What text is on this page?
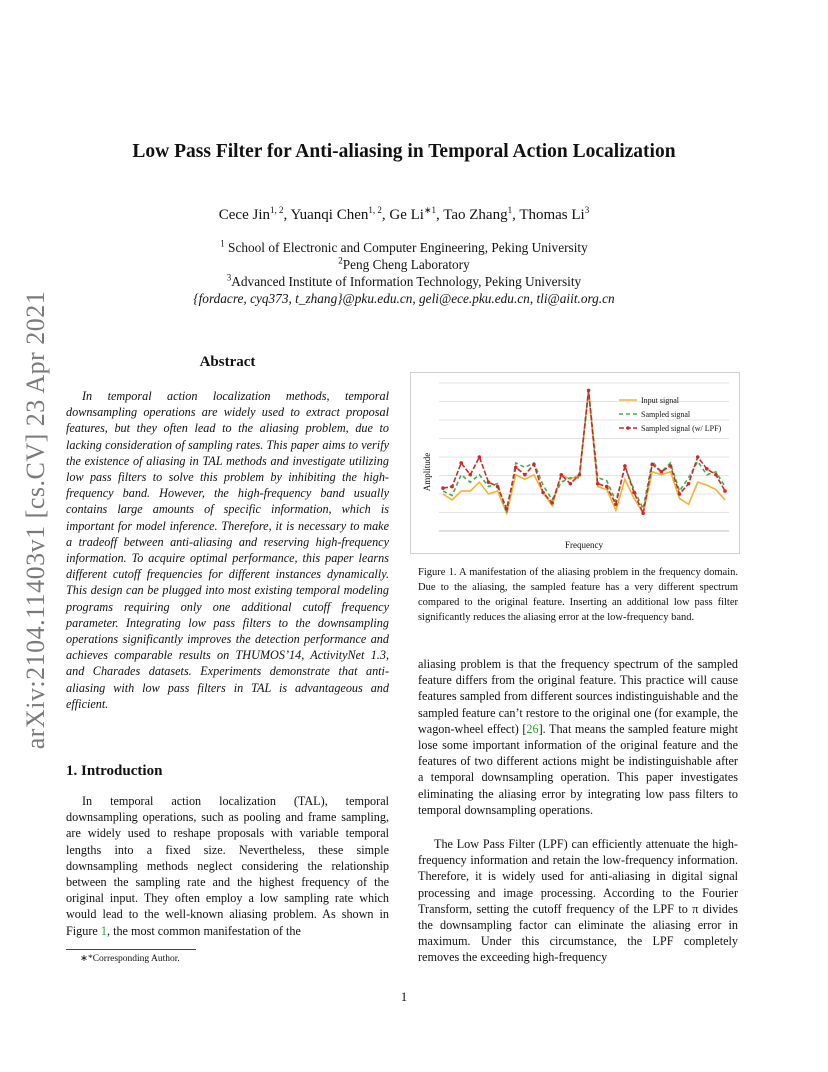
arXiv:2104.11403v1 [cs.CV] 23 Apr 2021
Low Pass Filter for Anti-aliasing in Temporal Action Localization
Cece Jin$^{1, 2}$, Yuanqi Chen$^{1, 2}$, Ge $Li^{∗1}$, Tao Zhang$^1$, Thomas Li$^3$
$^1$ School of Electronic and Computer Engineering, Peking University
$^2$Peng Cheng Laboratory
$^3$Advanced Institute of Information Technology, Peking University
{fordacre, cyq373, t_zhang}@pku.edu.cn, geli@ece.pku.edu.cn, tli@aiit.org.cn
Abstract
In temporal action localization methods, temporal downsampling operations are widely used to extract proposal features, but they often lead to the aliasing problem, due to lacking consideration of sampling rates. This paper aims to verify the existence of aliasing in TAL methods and investigate utilizing low pass filters to solve this problem by inhibiting the high-frequency band. However, the high-frequency band usually contains large amounts of specific information, which is important for model inference. Therefore, it is necessary to make a tradeoff between anti-aliasing and reserving high-frequency information. To acquire optimal performance, this paper learns different cutoff frequencies for different instances dynamically. This design can be plugged into most existing temporal modeling programs requiring only one additional cutoff frequency parameter. Integrating low pass filters to the downsampling operations significantly improves the detection performance and achieves comparable results on THUMOS’14, ActivityNet 1.3, and Charades datasets. Experiments demonstrate that anti-aliasing with low pass filters in TAL is advantageous and efficient.
1. Introduction
In temporal action localization (TAL), temporal downsampling operations, such as pooling and frame sampling, are widely used to reshape proposals with variable temporal lengths into a fixed size. Nevertheless, these simple downsampling methods neglect considering the relationship between the sampling rate and the highest frequency of the original input. They often employ a low sampling rate which would lead to the well-known aliasing problem. As shown in Figure 1, the most common manifestation of the
∗*Corresponding Author.
Frequency
Amplitude
Input signal
Sampled signal
Sampled signal (w/ LPF)
Figure 1. A manifestation of the aliasing problem in the frequency domain. Due to the aliasing, the sampled feature has a very different spectrum compared to the original feature. Inserting an additional low pass filter significantly reduces the aliasing error at the low-frequency band.
aliasing problem is that the frequency spectrum of the sampled feature differs from the original feature. This practice will cause features sampled from different sources indistinguishable and the sampled feature can’t restore to the original one (for example, the wagon-wheel effect) [26]. That means the sampled feature might lose some important information of the original feature and the features of two different actions might be indistinguishable after a temporal downsampling operation. This paper investigates eliminating the aliasing error by integrating low pass filters to temporal downsampling operations.
The Low Pass Filter (LPF) can efficiently attenuate the high-frequency information and retain the low-frequency information. Therefore, it is widely used for anti-aliasing in digital signal processing and image processing. According to the Fourier Transform, setting the cutoff frequency of the LPF to π divides the downsampling factor can eliminate the aliasing error in maximum. Under this circumstance, the LPF completely removes the exceeding high-frequency
1
